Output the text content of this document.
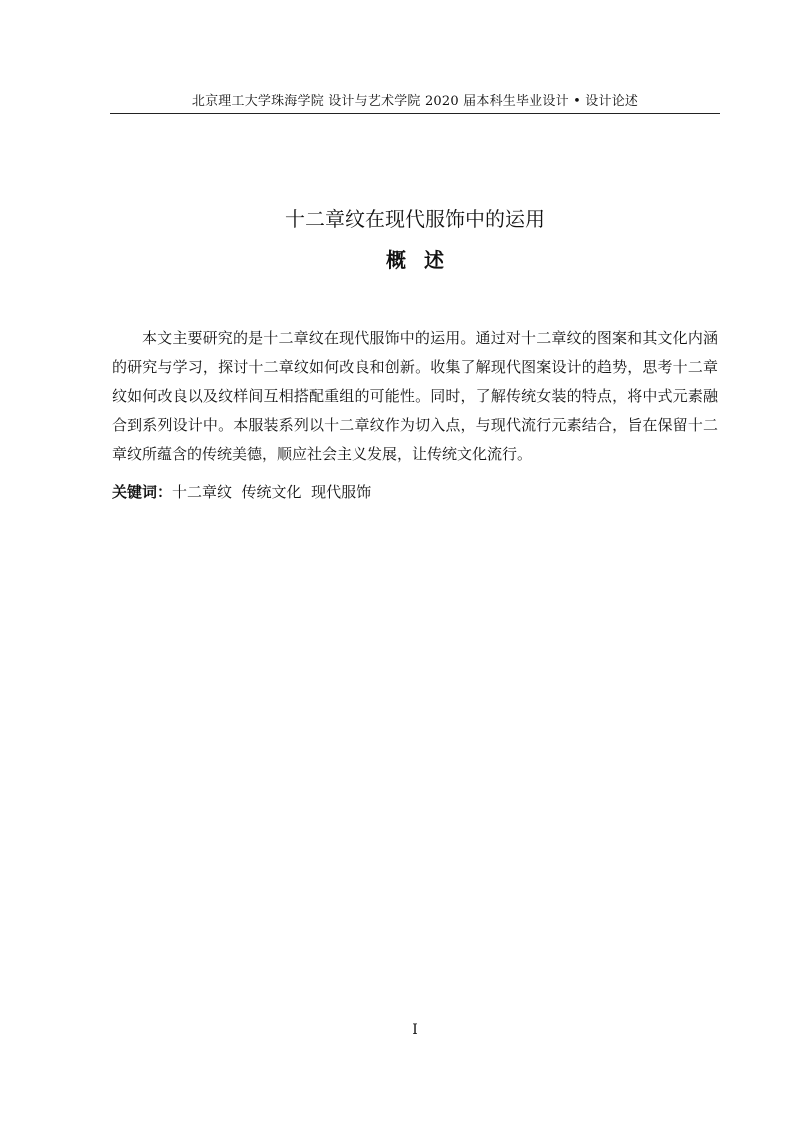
北京理工大学珠海学院 设计与艺术学院 2020 届本科生毕业设计 • 设计论述
十二章纹在现代服饰中的运用
概述

本文主要研究的是十二章纹在现代服饰中的运用。通过对十二章纹的图案和其文化内涵的研究与学习，探讨十二章纹如何改良和创新。收集了解现代图案设计的趋势，思考十二章纹如何改良以及纹样间互相搭配重组的可能性。同时，了解传统女装的特点，将中式元素融合到系列设计中。本服装系列以十二章纹作为切入点，与现代流行元素结合，旨在保留十二章纹所蕴含的传统美德，顺应社会主义发展，让传统文化流行。

关键词：十二章纹  传统文化  现代服饰

I
